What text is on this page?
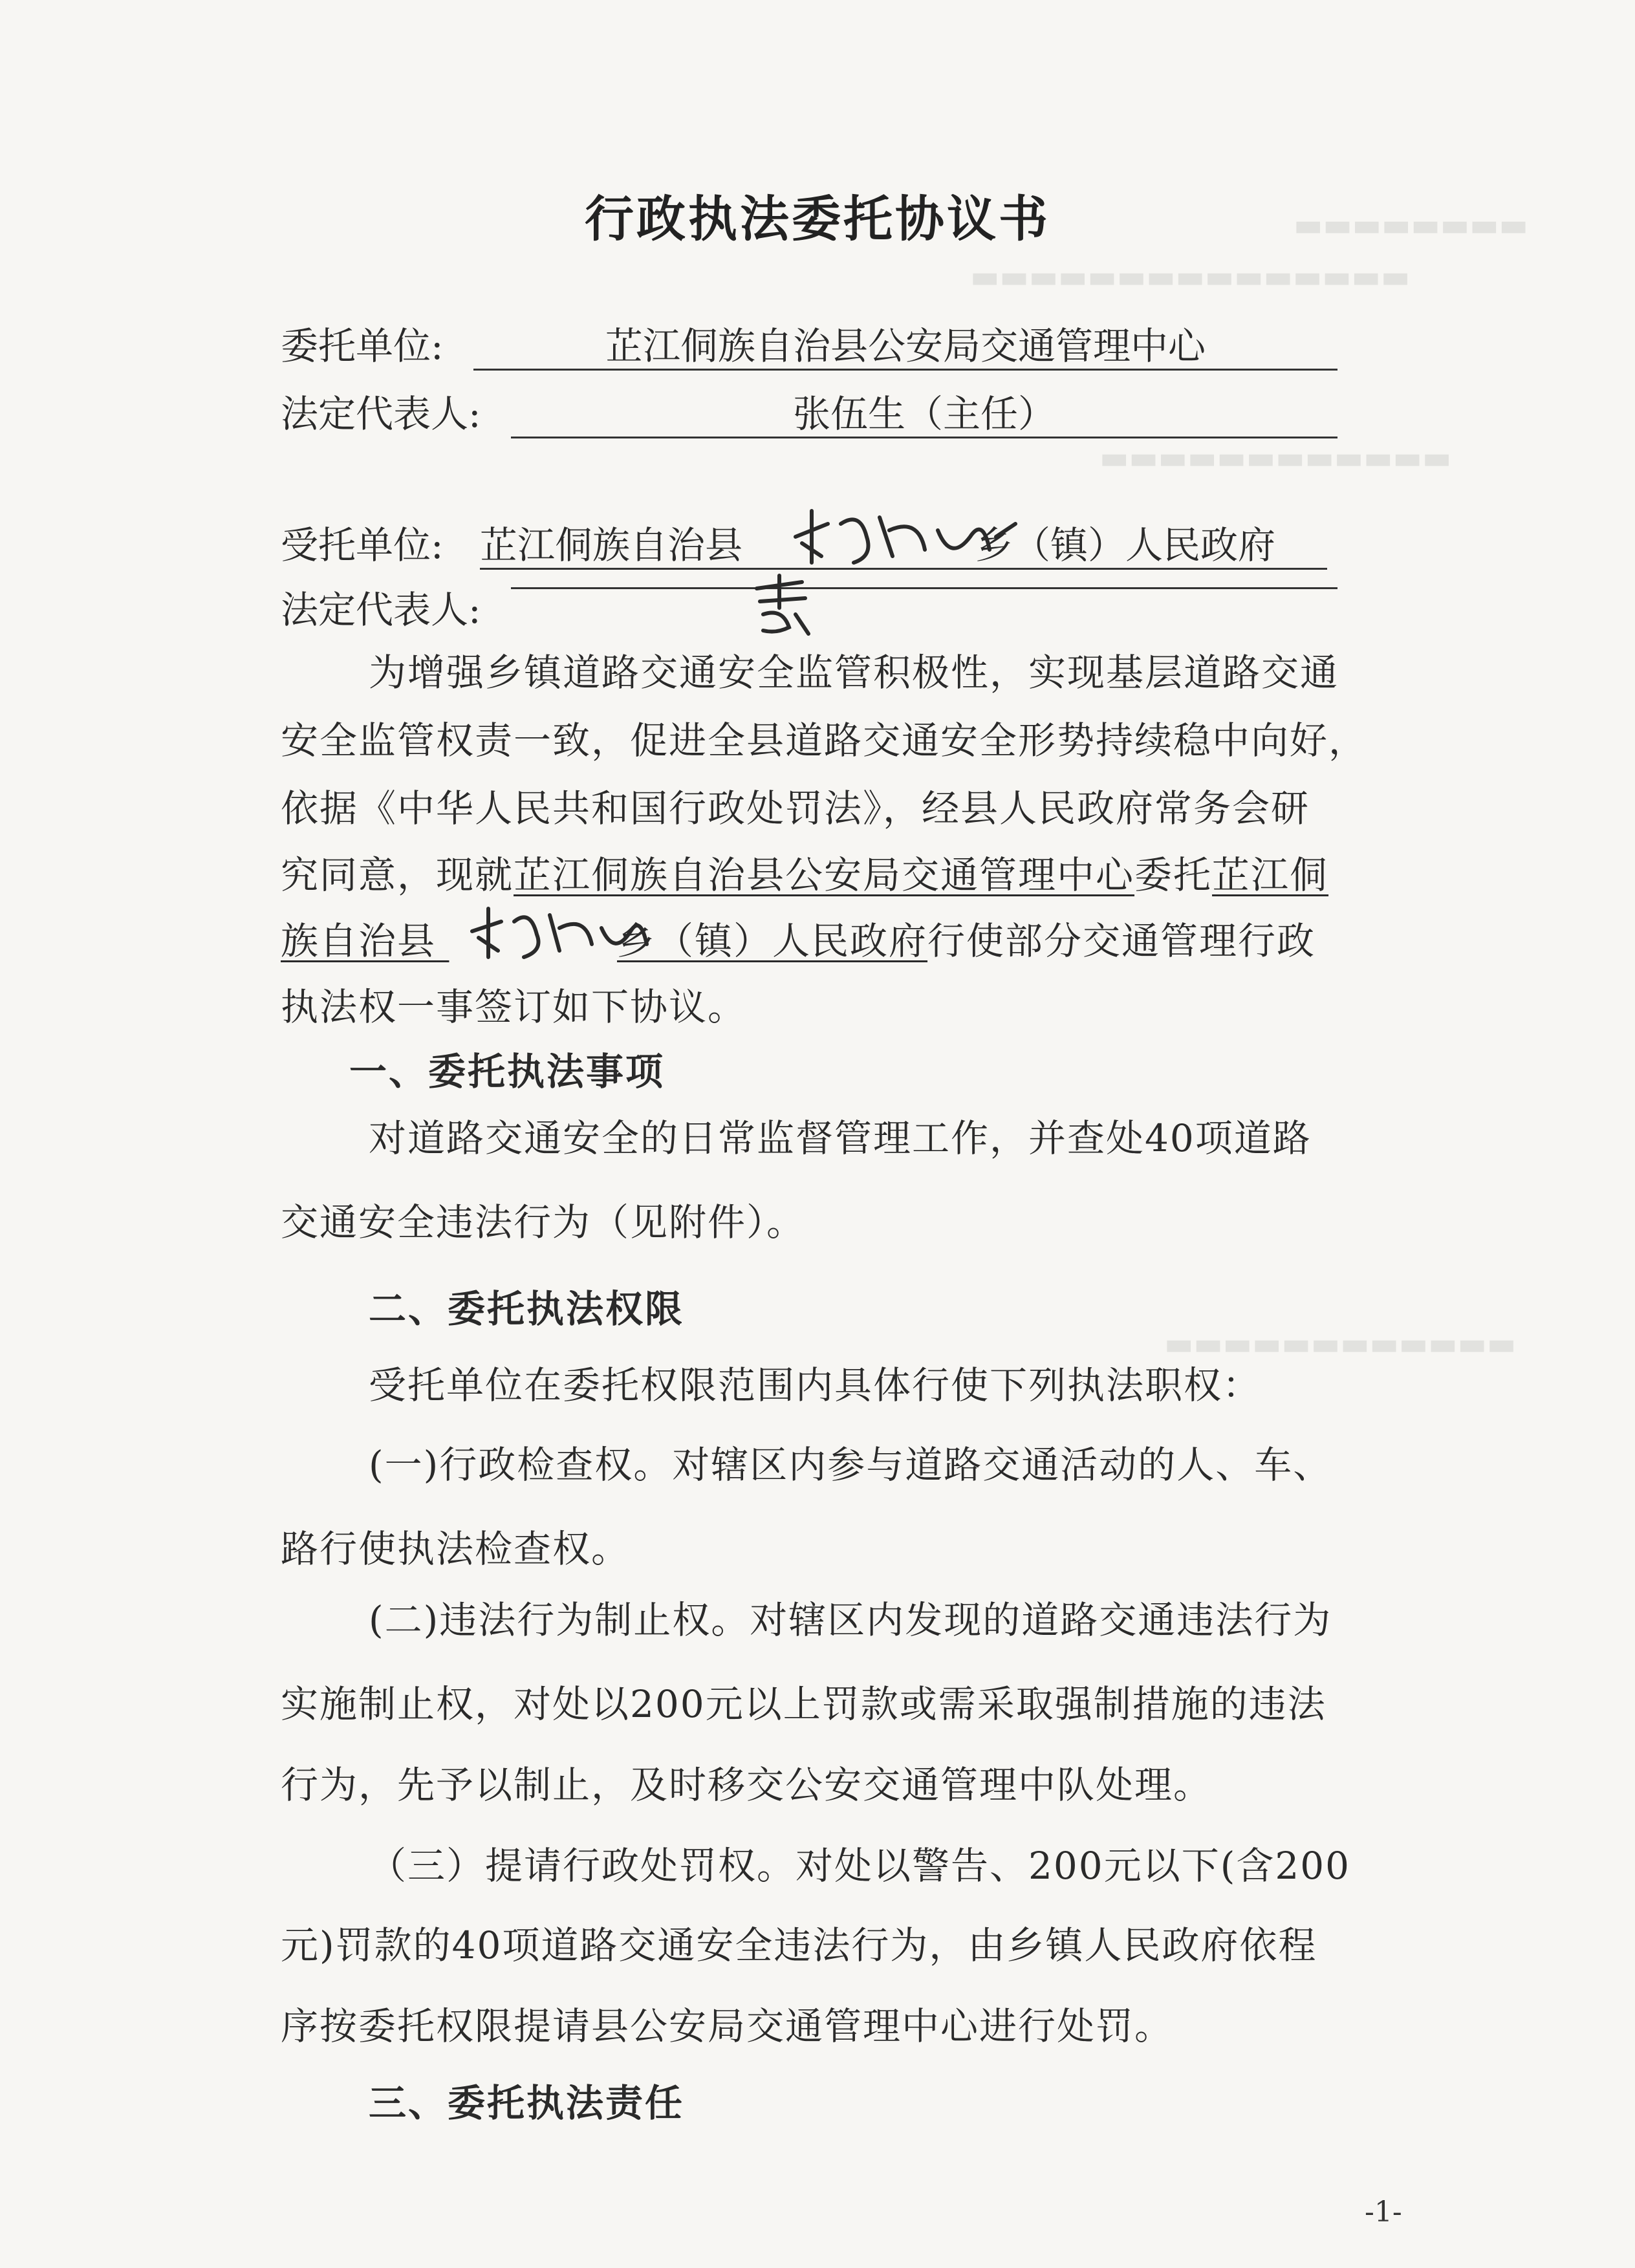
▬▬▬▬▬▬▬▬
▬▬▬▬▬▬▬▬▬▬▬▬▬▬▬
▬▬▬▬▬▬▬▬▬▬▬▬
▬▬▬▬▬▬▬▬▬▬▬▬
行政执法委托协议书
委托单位:	芷江侗族自治县公安局交通管理中心
法定代表人:	张伍生（主任）
受托单位: 芷江侗族自治县	乡（镇）人民政府
法定代表人:
为增强乡镇道路交通安全监管积极性，实现基层道路交通
安全监管权责一致，促进全县道路交通安全形势持续稳中向好，
依据《中华人民共和国行政处罚法》，经县人民政府常务会研
究同意，现就芷江侗族自治县公安局交通管理中心委托芷江侗
族自治县	乡（镇）人民政府行使部分交通管理行政
执法权一事签订如下协议。
一、委托执法事项
对道路交通安全的日常监督管理工作，并查处40项道路
交通安全违法行为（见附件）。
二、委托执法权限
受托单位在委托权限范围内具体行使下列执法职权：
(一)行政检查权。对辖区内参与道路交通活动的人、车、
路行使执法检查权。
(二)违法行为制止权。对辖区内发现的道路交通违法行为
实施制止权，对处以200元以上罚款或需采取强制措施的违法
行为，先予以制止，及时移交公安交通管理中队处理。
（三）提请行政处罚权。对处以警告、200元以下(含200
元)罚款的40项道路交通安全违法行为，由乡镇人民政府依程
序按委托权限提请县公安局交通管理中心进行处罚。
三、委托执法责任
-1-
